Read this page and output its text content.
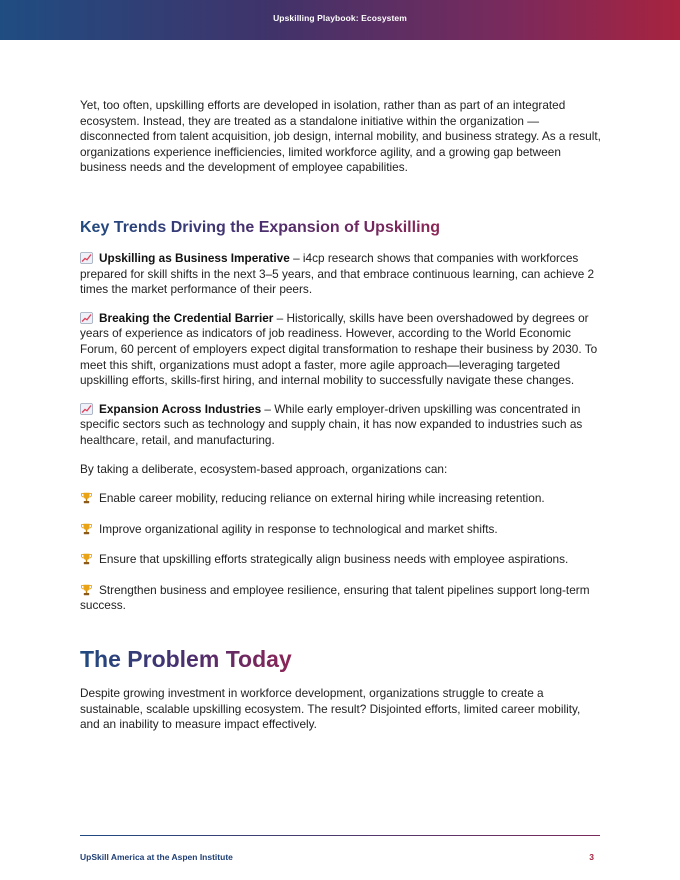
Upskilling Playbook: Ecosystem

Yet, too often, upskilling efforts are developed in isolation, rather than as part of an integrated ecosystem. Instead, they are treated as a standalone initiative within the organization — disconnected from talent acquisition, job design, internal mobility, and business strategy. As a result, organizations experience inefficiencies, limited workforce agility, and a growing gap between business needs and the development of employee capabilities.

Key Trends Driving the Expansion of Upskilling

Upskilling as Business Imperative – i4cp research shows that companies with workforces prepared for skill shifts in the next 3–5 years, and that embrace continuous learning, can achieve 2 times the market performance of their peers.

Breaking the Credential Barrier – Historically, skills have been overshadowed by degrees or years of experience as indicators of job readiness. However, according to the World Economic Forum, 60 percent of employers expect digital transformation to reshape their business by 2030. To meet this shift, organizations must adopt a faster, more agile approach—leveraging targeted upskilling efforts, skills-first hiring, and internal mobility to successfully navigate these changes.

Expansion Across Industries – While early employer-driven upskilling was concentrated in specific sectors such as technology and supply chain, it has now expanded to industries such as healthcare, retail, and manufacturing.

By taking a deliberate, ecosystem-based approach, organizations can:

Enable career mobility, reducing reliance on external hiring while increasing retention.

Improve organizational agility in response to technological and market shifts.

Ensure that upskilling efforts strategically align business needs with employee aspirations.

Strengthen business and employee resilience, ensuring that talent pipelines support long-term success.

The Problem Today

Despite growing investment in workforce development, organizations struggle to create a sustainable, scalable upskilling ecosystem. The result? Disjointed efforts, limited career mobility, and an inability to measure impact effectively.

UpSkill America at the Aspen Institute	3
